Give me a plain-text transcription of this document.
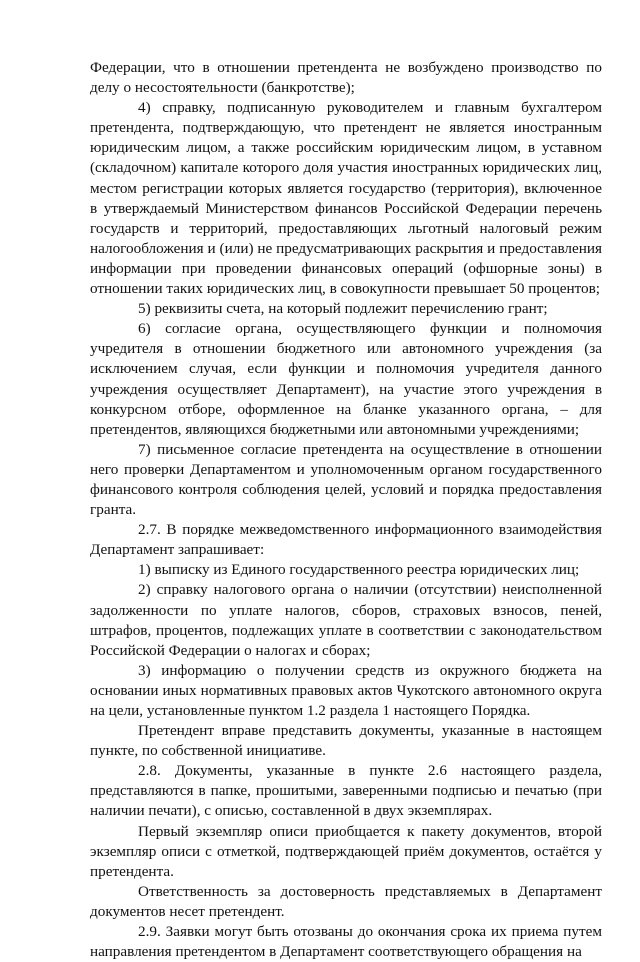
Федерации, что в отношении претендента не возбуждено производство по делу о несостоятельности (банкротстве);

4) справку, подписанную руководителем и главным бухгалтером претендента, подтверждающую, что претендент не является иностранным юридическим лицом, а также российским юридическим лицом, в уставном (складочном) капитале которого доля участия иностранных юридических лиц, местом регистрации которых является государство (территория), включенное в утверждаемый Министерством финансов Российской Федерации перечень государств и территорий, предоставляющих льготный налоговый режим налогообложения и (или) не предусматривающих раскрытия и предоставления информации при проведении финансовых операций (офшорные зоны) в отношении таких юридических лиц, в совокупности превышает 50 процентов;

5) реквизиты счета, на который подлежит перечислению грант;

6) согласие органа, осуществляющего функции и полномочия учредителя в отношении бюджетного или автономного учреждения (за исключением случая, если функции и полномочия учредителя данного учреждения осуществляет Департамент), на участие этого учреждения в конкурсном отборе, оформленное на бланке указанного органа, – для претендентов, являющихся бюджетными или автономными учреждениями;

7) письменное согласие претендента на осуществление в отношении него проверки Департаментом и уполномоченным органом государственного финансового контроля соблюдения целей, условий и порядка предоставления гранта.

2.7. В порядке межведомственного информационного взаимодействия Департамент запрашивает:

1) выписку из Единого государственного реестра юридических лиц;

2) справку налогового органа о наличии (отсутствии) неисполненной задолженности по уплате налогов, сборов, страховых взносов, пеней, штрафов, процентов, подлежащих уплате в соответствии с законодательством Российской Федерации о налогах и сборах;

3) информацию о получении средств из окружного бюджета на основании иных нормативных правовых актов Чукотского автономного округа на цели, установленные пунктом 1.2 раздела 1 настоящего Порядка.

Претендент вправе представить документы, указанные в настоящем пункте, по собственной инициативе.

2.8. Документы, указанные в пункте 2.6 настоящего раздела, представляются в папке, прошитыми, заверенными подписью и печатью (при наличии печати), с описью, составленной в двух экземплярах.

Первый экземпляр описи приобщается к пакету документов, второй экземпляр описи с отметкой, подтверждающей приём документов, остаётся у претендента.

Ответственность за достоверность представляемых в Департамент документов несет претендент.

2.9. Заявки могут быть отозваны до окончания срока их приема путем направления претендентом в Департамент соответствующего обращения на
